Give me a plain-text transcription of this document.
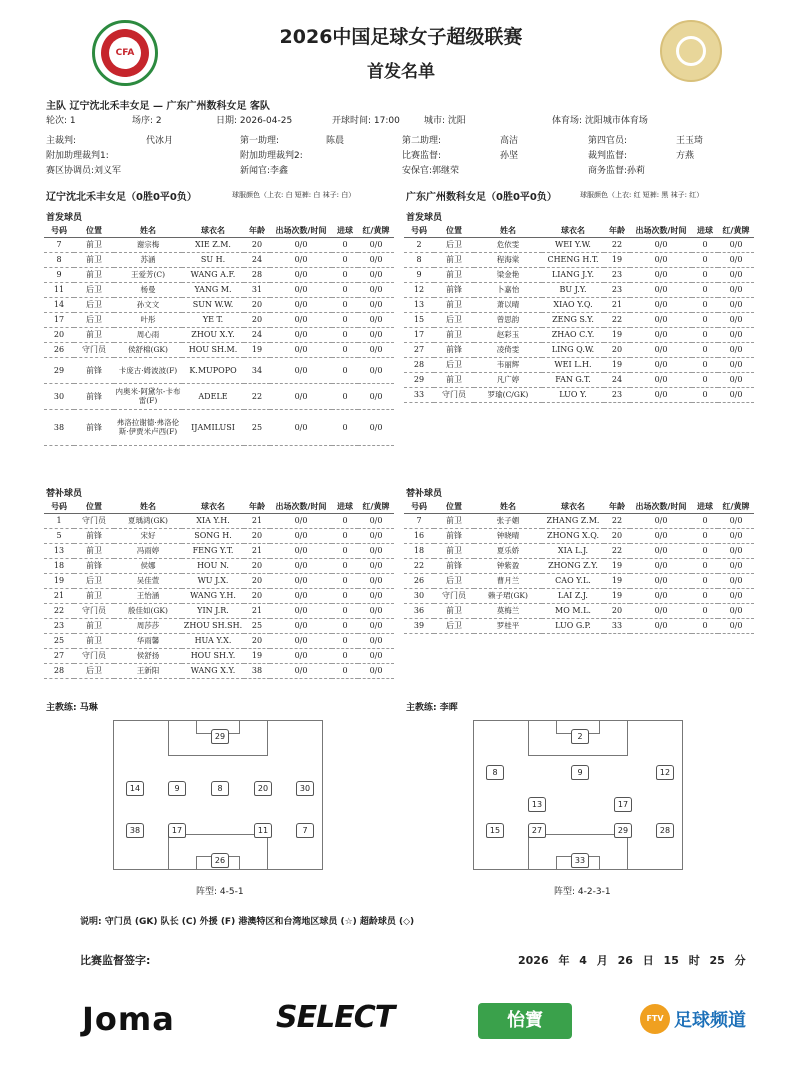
CFA
2026中国足球女子超级联赛
首发名单
主队 辽宁沈北禾丰女足 — 广东广州数科女足 客队
轮次: 1	场序: 2	日期: 2026-04-25	开球时间: 17:00	城市: 沈阳	体育场: 沈阳城市体育场
主裁判:	代冰月	第一助理:	陈晨	第二助理:	高洁	第四官员:	王玉琦
附加助理裁判1:	附加助理裁判2:	比赛监督:	孙坚	裁判监督:	方燕
赛区协调员:刘义军	新闻官:李鑫	安保官:郭继荣	商务监督:孙莉
辽宁沈北禾丰女足（0胜0平0负）	球服颜色（上衣: 白 短裤: 白 袜子: 白）	广东广州数科女足（0胜0平0负）	球服颜色（上衣: 红 短裤: 黑 袜子: 红）
首发球员	首发球员
号码	位置	姓名	球衣名	年龄	出场次数/时间	进球	红/黄牌
7	前卫	谢宗梅	XIE Z.M.	20	0/0	0	0/0
8	前卫	苏涵	SU H.	24	0/0	0	0/0
9	前卫	王爱芳(C)	WANG A.F.	28	0/0	0	0/0
11	后卫	杨曼	YANG M.	31	0/0	0	0/0
14	后卫	孙文文	SUN W.W.	20	0/0	0	0/0
17	后卫	叶彤	YE T.	20	0/0	0	0/0
20	前卫	周心雨	ZHOU X.Y.	24	0/0	0	0/0
26	守门员	侯舒棉(GK)	HOU SH.M.	19	0/0	0	0/0
29	前锋	卡庞古·姆波波(F)	K.MUPOPO	34	0/0	0	0/0
30	前锋	内奥米·阿黛尔-卡布雷(F)	ADELE	22	0/0	0	0/0
38	前锋	弗洛拉谢德·弗洛伦斯·伊贾米卢西(F)	IJAMILUSI	25	0/0	0	0/0
号码	位置	姓名	球衣名	年龄	出场次数/时间	进球	红/黄牌
2	后卫	危依雯	WEI Y.W.	22	0/0	0	0/0
8	前卫	程海棠	CHENG H.T.	19	0/0	0	0/0
9	前卫	梁金艳	LIANG J.Y.	23	0/0	0	0/0
12	前锋	卜嘉怡	BU J.Y.	23	0/0	0	0/0
13	前卫	萧以晴	XIAO Y.Q.	21	0/0	0	0/0
15	后卫	曾思韵	ZENG S.Y.	22	0/0	0	0/0
17	前卫	赵彩玉	ZHAO C.Y.	19	0/0	0	0/0
27	前锋	凌倚雯	LING Q.W.	20	0/0	0	0/0
28	后卫	韦丽辉	WEI L.H.	19	0/0	0	0/0
29	前卫	凡广婷	FAN G.T.	24	0/0	0	0/0
33	守门员	罗瑜(C/GK)	LUO Y.	23	0/0	0	0/0
替补球员	替补球员
号码	位置	姓名	球衣名	年龄	出场次数/时间	进球	红/黄牌
1	守门员	夏瑀鸿(GK)	XIA Y.H.	21	0/0	0	0/0
5	前锋	宋好	SONG H.	20	0/0	0	0/0
13	前卫	冯雨婷	FENG Y.T.	21	0/0	0	0/0
18	前锋	侯娜	HOU N.	20	0/0	0	0/0
19	后卫	吴佳萱	WU J.X.	20	0/0	0	0/0
21	前卫	王怡涵	WANG Y.H.	20	0/0	0	0/0
22	守门员	殷佳如(GK)	YIN J.R.	21	0/0	0	0/0
23	前卫	周莎莎	ZHOU SH.SH.	25	0/0	0	0/0
25	前卫	华雨馨	HUA Y.X.	20	0/0	0	0/0
27	守门员	侯舒扬	HOU SH.Y.	19	0/0	0	0/0
28	后卫	王新阳	WANG X.Y.	38	0/0	0	0/0
号码	位置	姓名	球衣名	年龄	出场次数/时间	进球	红/黄牌
7	前卫	张子媚	ZHANG Z.M.	22	0/0	0	0/0
16	前锋	钟晓晴	ZHONG X.Q.	20	0/0	0	0/0
18	前卫	夏乐娇	XIA L.J.	22	0/0	0	0/0
22	前锋	钟紫盈	ZHONG Z.Y.	19	0/0	0	0/0
26	后卫	曹月兰	CAO Y.L.	19	0/0	0	0/0
30	守门员	赖子珺(GK)	LAI Z.J.	19	0/0	0	0/0
36	前卫	莫梅兰	MO M.L.	20	0/0	0	0/0
39	后卫	罗桂平	LUO G.P.	33	0/0	0	0/0
主教练: 马琳	主教练: 李晖
29
14	9	8	20	30
38	17	11	7
26
2
8	9	12
13	17
15	27	29	28
33
阵型: 4-5-1	阵型: 4-2-3-1
说明: 守门员 (GK) 队长 (C) 外援 (F) 港澳特区和台湾地区球员 (☆) 超龄球员 (◇)
比赛监督签字:	2026 年 4 月 26 日 15 时 25 分
Joma	SELECT	怡寶	FTV 足球频道
